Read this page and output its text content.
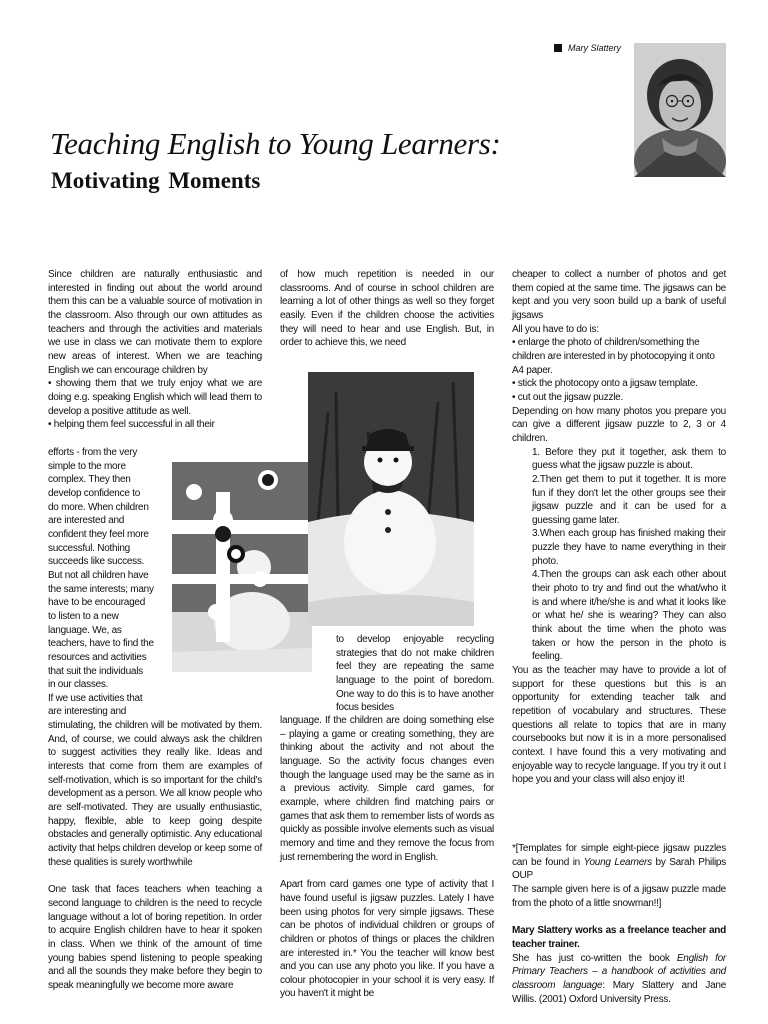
Mary Slattery
Teaching English to Young Learners:
Motivating Moments

Since children are naturally enthusiastic and interested in finding out about the world around them this can be a valuable source of motivation in the classroom. Also through our own attitudes as teachers and through the activities and materials we use in class we can motivate them to explore new areas of interest. When we are teaching English we can encourage children by

• showing them that we truly enjoy what we are doing e.g. speaking English which will lead them to develop a positive attitude as well.

• helping them feel successful in all their

efforts - from the very
simple to the more
complex. They then
develop confidence to
do more. When children
are interested and
confident they feel more
successful. Nothing
succeeds like success.
But not all children have
the same interests; many
have to be encouraged
to listen to a new
language. We, as
teachers, have to find the
resources and activities
that suit the individuals
in our classes.
If we use activities that
are interesting and

stimulating, the children will be motivated by them. And, of course, we could always ask the children to suggest activities they really like. Ideas and interests that come from them are examples of self-motivation, which is so important for the child's development as a person. We all know people who are self-motivated. They are usually enthusiastic, happy, flexible, able to keep going despite obstacles and generally optimistic. Any educational activity that helps children develop or keep some of these qualities is surely worthwhile

One task that faces teachers when teaching a second language to children is the need to recycle language without a lot of boring repetition. In order to acquire English children have to hear it spoken in class. When we think of the amount of time young babies spend listening to people speaking and all the sounds they make before they begin to speak meaningfully we become more aware

of how much repetition is needed in our classrooms. And of course in school children are learning a lot of other things as well so they forget easily. Even if the children choose the activities they will need to hear and use English. But, in order to achieve this, we need

to develop enjoyable recycling strategies that do not make children feel they are repeating the same language to the point of boredom. One way to do this is to have another focus besides

language. If the children are doing something else – playing a game or creating something, they are thinking about the activity and not about the language. So the activity focus changes even though the language used may be the same as in a previous activity. Simple card games, for example, where children find matching pairs or games that ask them to remember lists of words as quickly as possible involve elements such as visual memory and time and they remove the focus from just remembering the word in English.

Apart from card games one type of activity that I have found useful is jigsaw puzzles. Lately I have been using photos for very simple jigsaws. These can be photos of individual children or groups of children or photos of things or places the children are interested in.* You the teacher will know best and you can use any photo you like. If you have a colour photocopier in your school it is very easy. If you haven't it might be

cheaper to collect a number of photos and get them copied at the same time. The jigsaws can be kept and you very soon build up a bank of useful jigsaws

All you have to do is:

• enlarge the photo of children/something the children are interested in by photocopying it onto A4 paper.

• stick the photocopy onto a jigsaw template.

• cut out the jigsaw puzzle.

Depending on how many photos you prepare you can give a different jigsaw puzzle to 2, 3 or 4 children.

1. Before they put it together, ask them to guess what the jigsaw puzzle is about.

2.Then get them to put it together. It is more fun if they don't let the other groups see their jigsaw puzzle and it can be used for a guessing game later.

3.When each group has finished making their puzzle they have to name everything in their photo.

4.Then the groups can ask each other about their photo to try and find out the what/who it is and where it/he/she is and what it looks like or what he/ she is wearing? They can also think about the time when the photo was taken or how the person in the photo is feeling.

You as the teacher may have to provide a lot of support for these questions but this is an opportunity for extending teacher talk and repetition of vocabulary and structures. These questions all relate to topics that are in many coursebooks but now it is in a more personalised context. I have found this a very motivating and enjoyable way to recycle language. If you try it out I hope you and your class will also enjoy it!

*[Templates for simple eight-piece jigsaw puzzles can be found in Young Learners by Sarah Philips OUP

The sample given here is of a jigsaw puzzle made from the photo of a little snowman!!]

Mary Slattery works as a freelance teacher and teacher trainer.

She has just co-written the book English for Primary Teachers – a handbook of activities and classroom language: Mary Slattery and Jane Willis. (2001) Oxford University Press.
